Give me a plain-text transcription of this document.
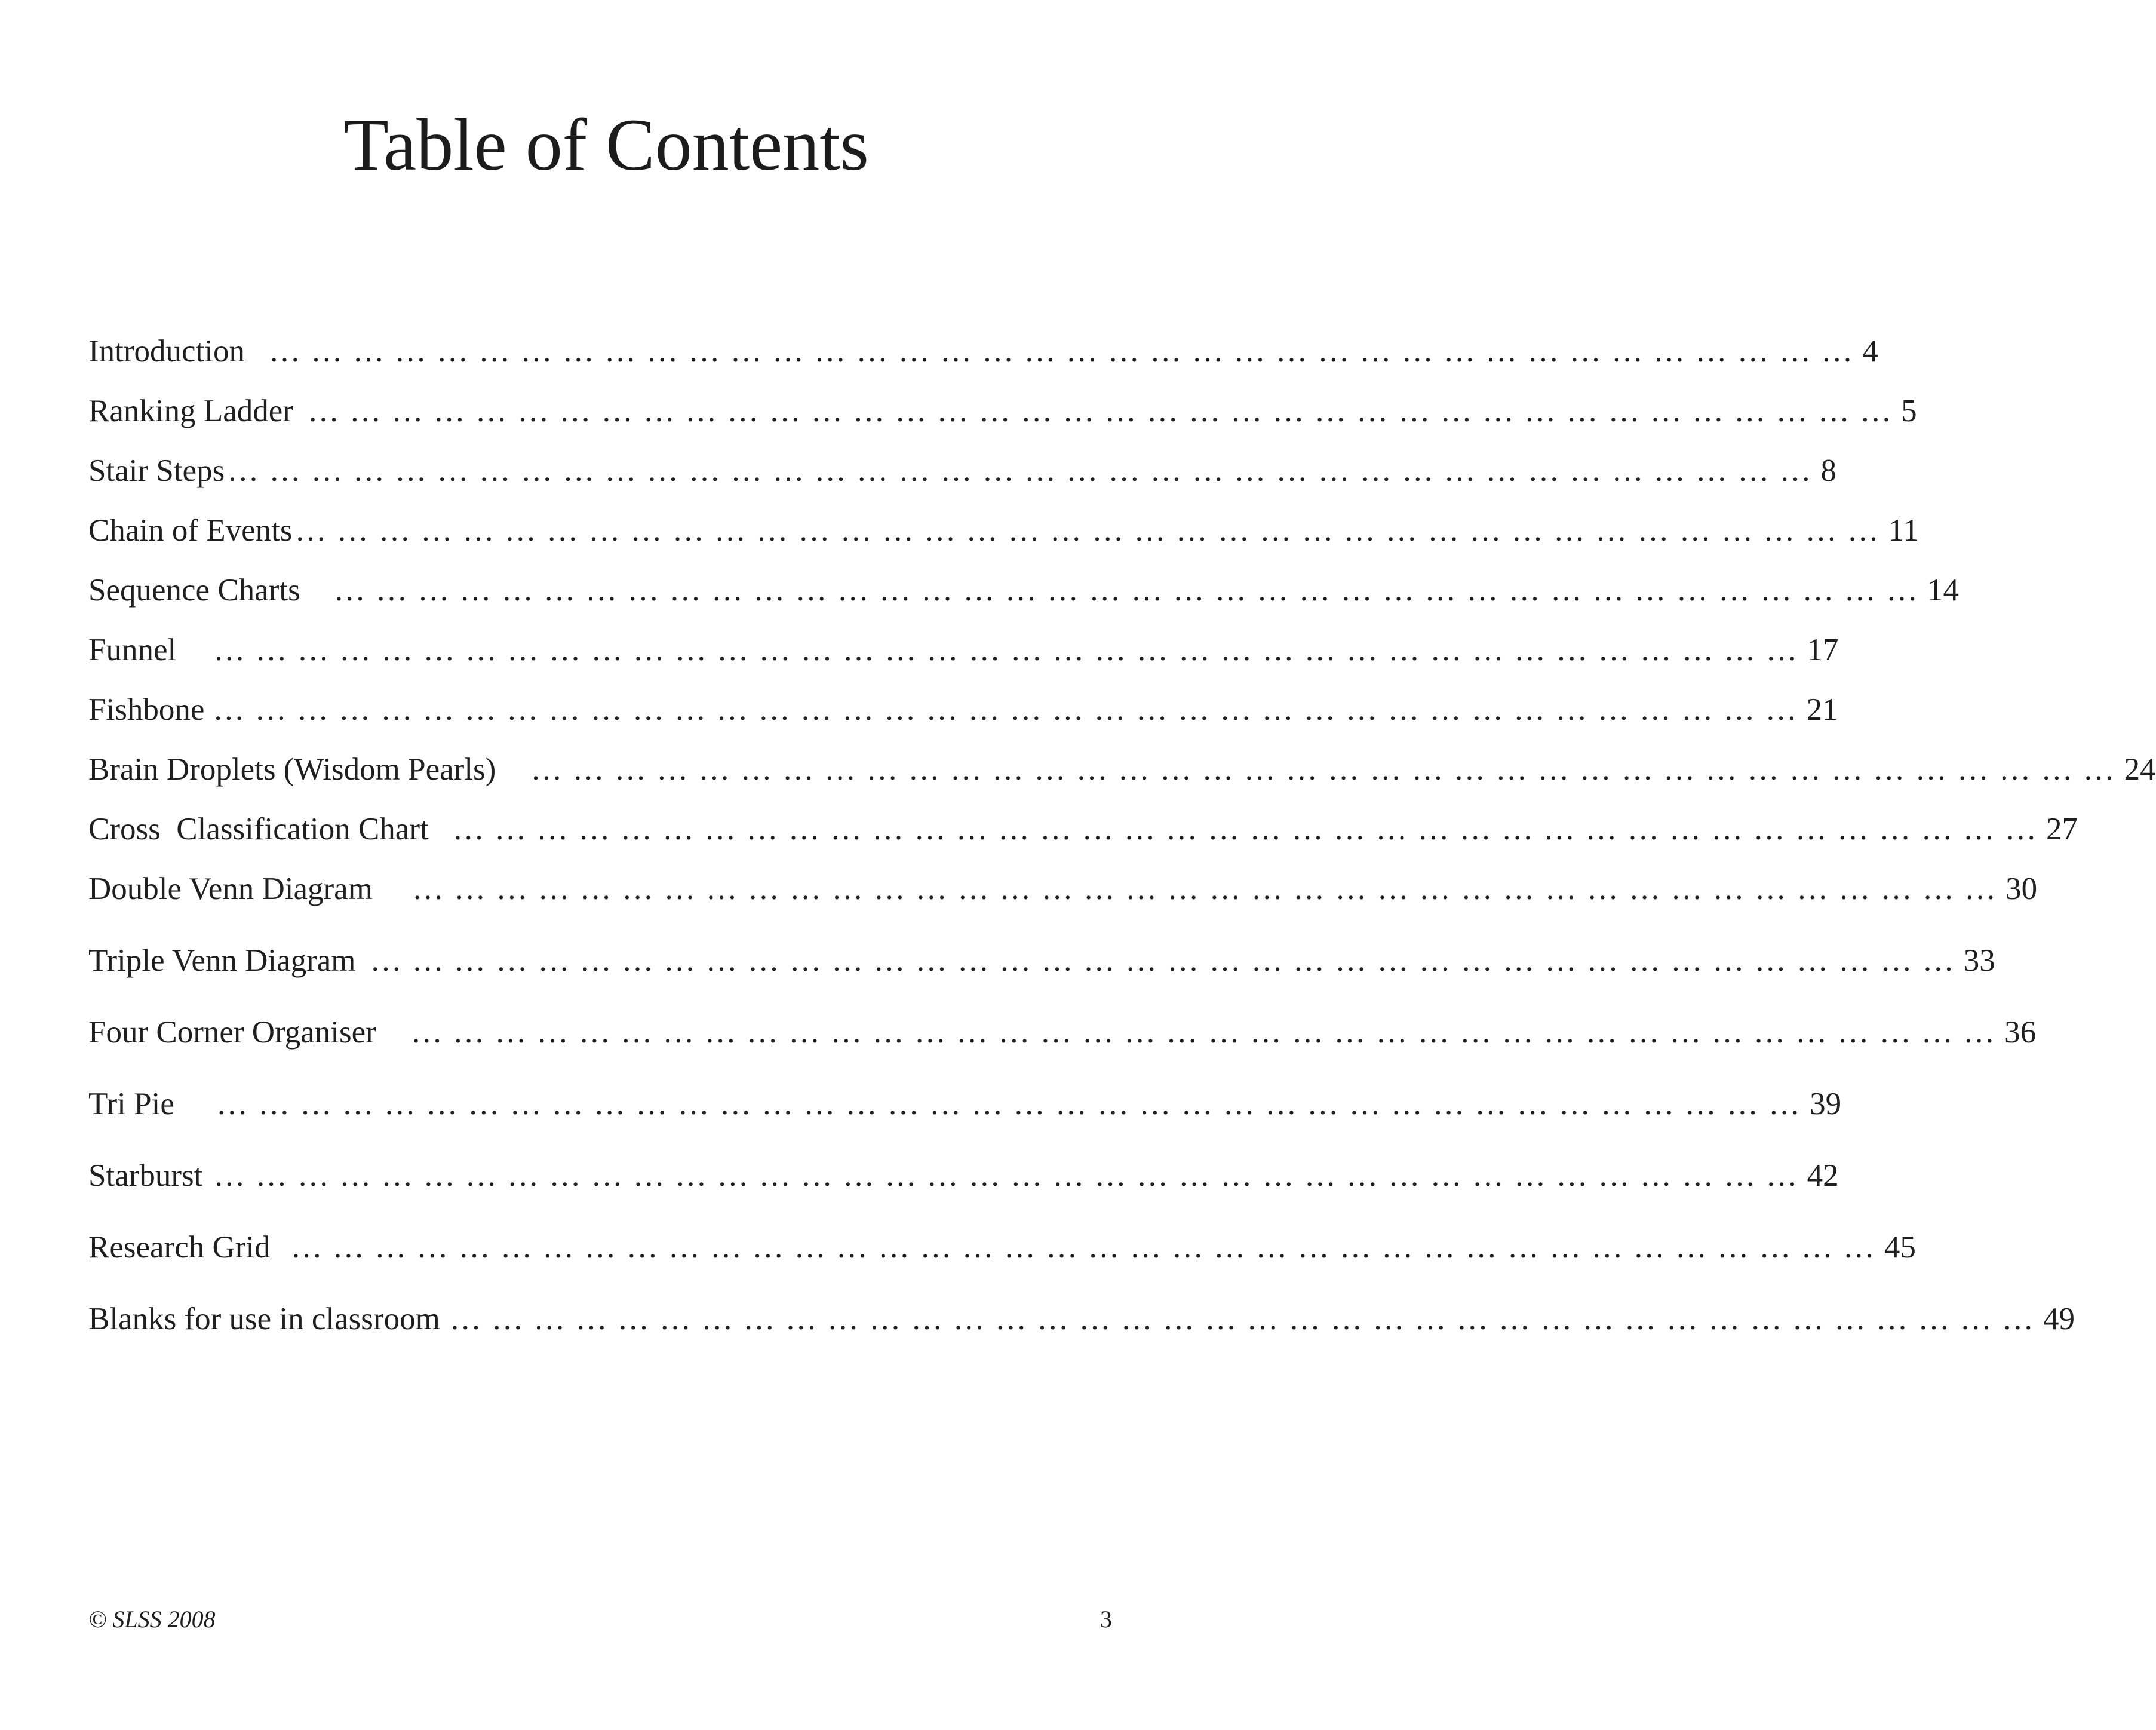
Table of Contents
Introduction … … … … … … … … … … … … … … … … … … … … … … … … … … … … … … … … … … … … … … 4
Ranking Ladder … … … … … … … … … … … … … … … … … … … … … … … … … … … … … … … … … … … … … … 5
Stair Steps … … … … … … … … … … … … … … … … … … … … … … … … … … … … … … … … … … … … … … 8
Chain of Events … … … … … … … … … … … … … … … … … … … … … … … … … … … … … … … … … … … … … … 11
Sequence Charts … … … … … … … … … … … … … … … … … … … … … … … … … … … … … … … … … … … … … … 14
Funnel … … … … … … … … … … … … … … … … … … … … … … … … … … … … … … … … … … … … … … 17
Fishbone … … … … … … … … … … … … … … … … … … … … … … … … … … … … … … … … … … … … … … 21
Brain Droplets (Wisdom Pearls) … … … … … … … … … … … … … … … … … … … … … … … … … … … … … … … … … … … … … … 24
Cross  Classification Chart … … … … … … … … … … … … … … … … … … … … … … … … … … … … … … … … … … … … … … 27
Double Venn Diagram … … … … … … … … … … … … … … … … … … … … … … … … … … … … … … … … … … … … … … 30
Triple Venn Diagram … … … … … … … … … … … … … … … … … … … … … … … … … … … … … … … … … … … … … … 33
Four Corner Organiser … … … … … … … … … … … … … … … … … … … … … … … … … … … … … … … … … … … … … … 36
Tri Pie … … … … … … … … … … … … … … … … … … … … … … … … … … … … … … … … … … … … … … 39
Starburst … … … … … … … … … … … … … … … … … … … … … … … … … … … … … … … … … … … … … … 42
Research Grid … … … … … … … … … … … … … … … … … … … … … … … … … … … … … … … … … … … … … … 45
Blanks for use in classroom … … … … … … … … … … … … … … … … … … … … … … … … … … … … … … … … … … … … … … 49
© SLSS 2008	3
